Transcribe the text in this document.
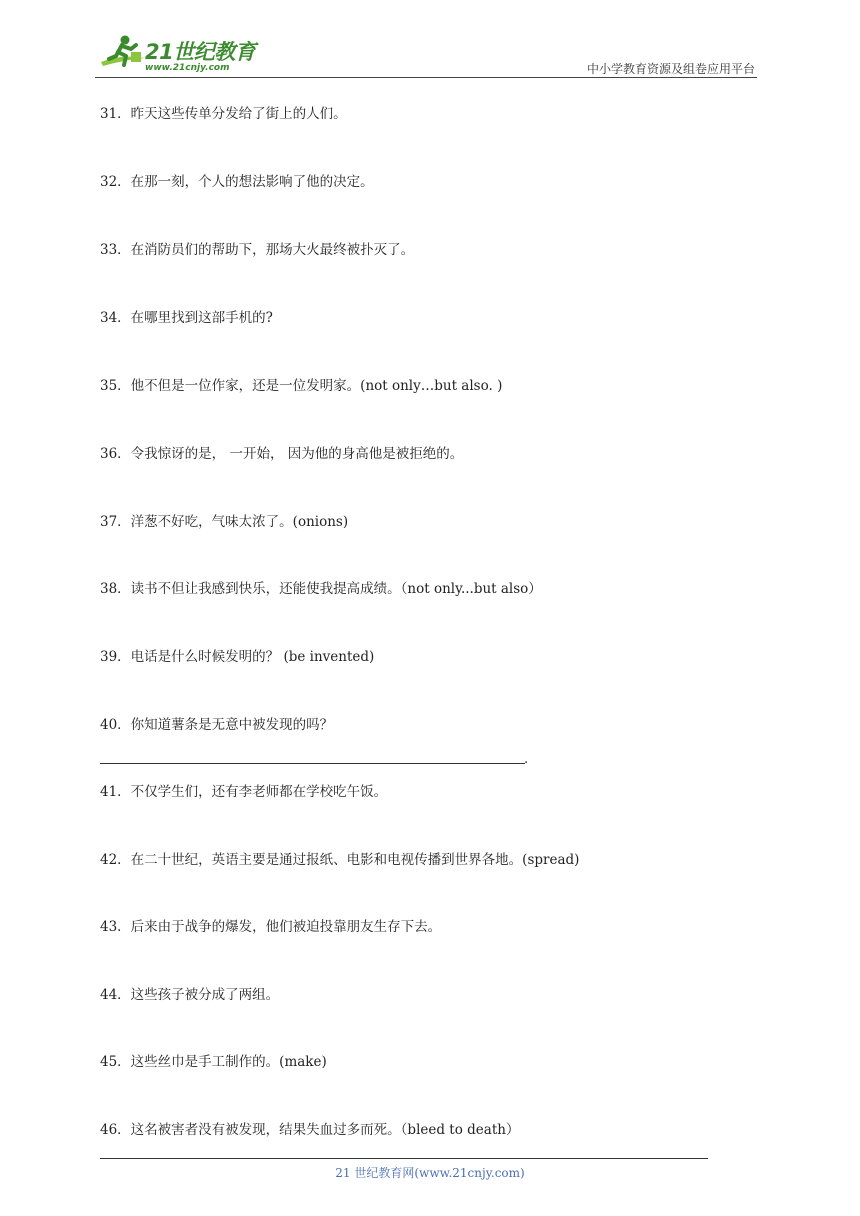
21世纪教育
www.21cnjy.com	中小学教育资源及组卷应用平台
31．昨天这些传单分发给了街上的人们。
32．在那一刻，个人的想法影响了他的决定。
33．在消防员们的帮助下，那场大火最终被扑灭了。
34．在哪里找到这部手机的?
35．他不但是一位作家，还是一位发明家。(not only…but also. )
36．令我惊讶的是， 一开始， 因为他的身高他是被拒绝的。
37．洋葱不好吃，气味太浓了。(onions)
38．读书不但让我感到快乐，还能使我提高成绩。（not only...but also）
39．电话是什么时候发明的？ (be invented)
40．你知道薯条是无意中被发现的吗？
41．不仅学生们，还有李老师都在学校吃午饭。
42．在二十世纪，英语主要是通过报纸、电影和电视传播到世界各地。(spread)
43．后来由于战争的爆发，他们被迫投靠朋友生存下去。
44．这些孩子被分成了两组。
45．这些丝巾是手工制作的。(make)
46．这名被害者没有被发现，结果失血过多而死。（bleed to death）
.
21 世纪教育网(www.21cnjy.com)
